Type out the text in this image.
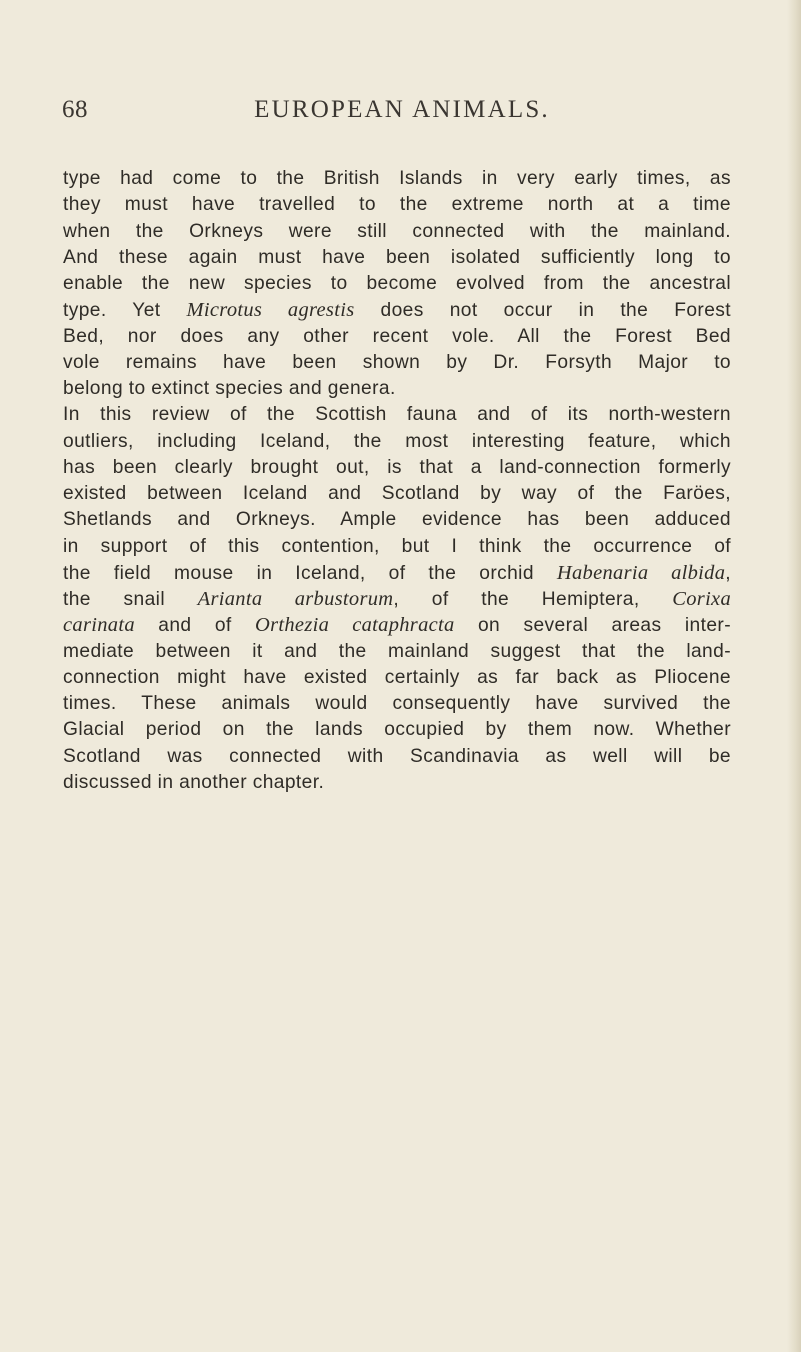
68	EUROPEAN ANIMALS.
type had come to the British Islands in very early times, as
they must have travelled to the extreme north at a time
when the Orkneys were still connected with the mainland.
And these again must have been isolated sufficiently long to
enable the new species to become evolved from the ancestral
type. Yet Microtus agrestis does not occur in the Forest
Bed, nor does any other recent vole. All the Forest Bed
vole remains have been shown by Dr. Forsyth Major to
belong to extinct species and genera.
In this review of the Scottish fauna and of its north-western
outliers, including Iceland, the most interesting feature, which
has been clearly brought out, is that a land-connection formerly
existed between Iceland and Scotland by way of the Faröes,
Shetlands and Orkneys. Ample evidence has been adduced
in support of this contention, but I think the occurrence of
the field mouse in Iceland, of the orchid Habenaria albida,
the snail Arianta arbustorum, of the Hemiptera, Corixa
carinata and of Orthezia cataphracta on several areas inter-
mediate between it and the mainland suggest that the land-
connection might have existed certainly as far back as Pliocene
times. These animals would consequently have survived the
Glacial period on the lands occupied by them now. Whether
Scotland was connected with Scandinavia as well will be
discussed in another chapter.
